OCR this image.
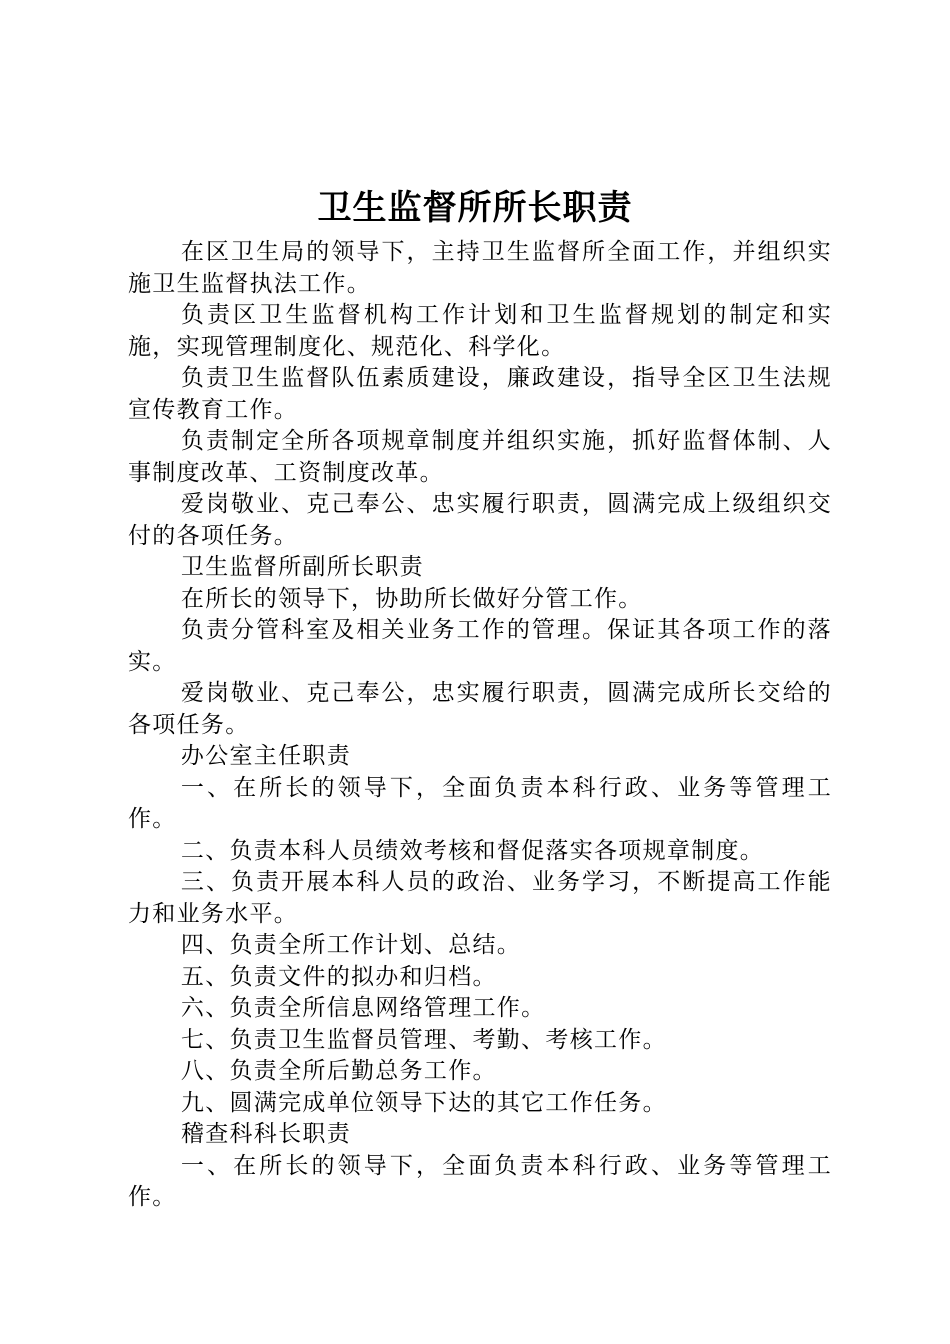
卫生监督所所长职责

在区卫生局的领导下，主持卫生监督所全面工作，并组织实施卫生监督执法工作。

负责区卫生监督机构工作计划和卫生监督规划的制定和实施，实现管理制度化、规范化、科学化。

负责卫生监督队伍素质建设，廉政建设，指导全区卫生法规宣传教育工作。

负责制定全所各项规章制度并组织实施，抓好监督体制、人事制度改革、工资制度改革。

爱岗敬业、克己奉公、忠实履行职责，圆满完成上级组织交付的各项任务。

卫生监督所副所长职责

在所长的领导下，协助所长做好分管工作。

负责分管科室及相关业务工作的管理。保证其各项工作的落实。

爱岗敬业、克己奉公，忠实履行职责，圆满完成所长交给的各项任务。

办公室主任职责

一、在所长的领导下，全面负责本科行政、业务等管理工作。

二、负责本科人员绩效考核和督促落实各项规章制度。

三、负责开展本科人员的政治、业务学习，不断提高工作能力和业务水平。

四、负责全所工作计划、总结。

五、负责文件的拟办和归档。

六、负责全所信息网络管理工作。

七、负责卫生监督员管理、考勤、考核工作。

八、负责全所后勤总务工作。

九、圆满完成单位领导下达的其它工作任务。

稽查科科长职责

一、在所长的领导下，全面负责本科行政、业务等管理工作。
